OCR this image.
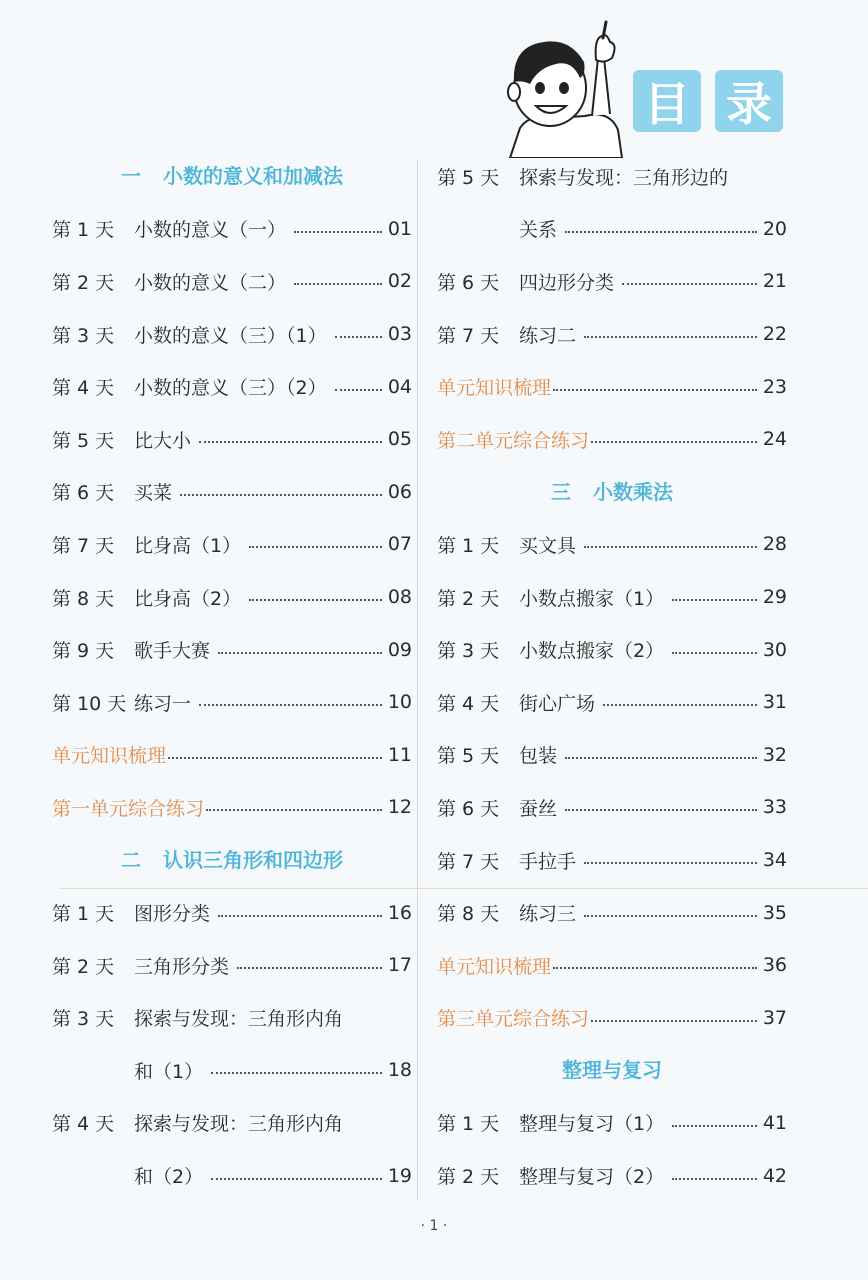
目 录
一 小数的意义和加减法
第 1 天	小数的意义（一）	01
第 2 天	小数的意义（二）	02
第 3 天	小数的意义（三）（1）	03
第 4 天	小数的意义（三）（2）	04
第 5 天	比大小	05
第 6 天	买菜	06
第 7 天	比身高（1）	07
第 8 天	比身高（2）	08
第 9 天	歌手大赛	09
第 10 天 练习一	10
单元知识梳理	11
第一单元综合练习	12
二 认识三角形和四边形
第 1 天	图形分类	16
第 2 天	三角形分类	17
第 3 天	探索与发现：三角形内角
和（1）	18
第 4 天	探索与发现：三角形内角
和（2）	19
第 5 天	探索与发现：三角形边的
关系	20
第 6 天	四边形分类	21
第 7 天	练习二	22
单元知识梳理	23
第二单元综合练习	24
三 小数乘法
第 1 天	买文具	28
第 2 天	小数点搬家（1）	29
第 3 天	小数点搬家（2）	30
第 4 天	街心广场	31
第 5 天	包装	32
第 6 天	蚕丝	33
第 7 天	手拉手	34
第 8 天	练习三	35
单元知识梳理	36
第三单元综合练习	37
整理与复习
第 1 天	整理与复习（1）	41
第 2 天	整理与复习（2）	42
· 1 ·
